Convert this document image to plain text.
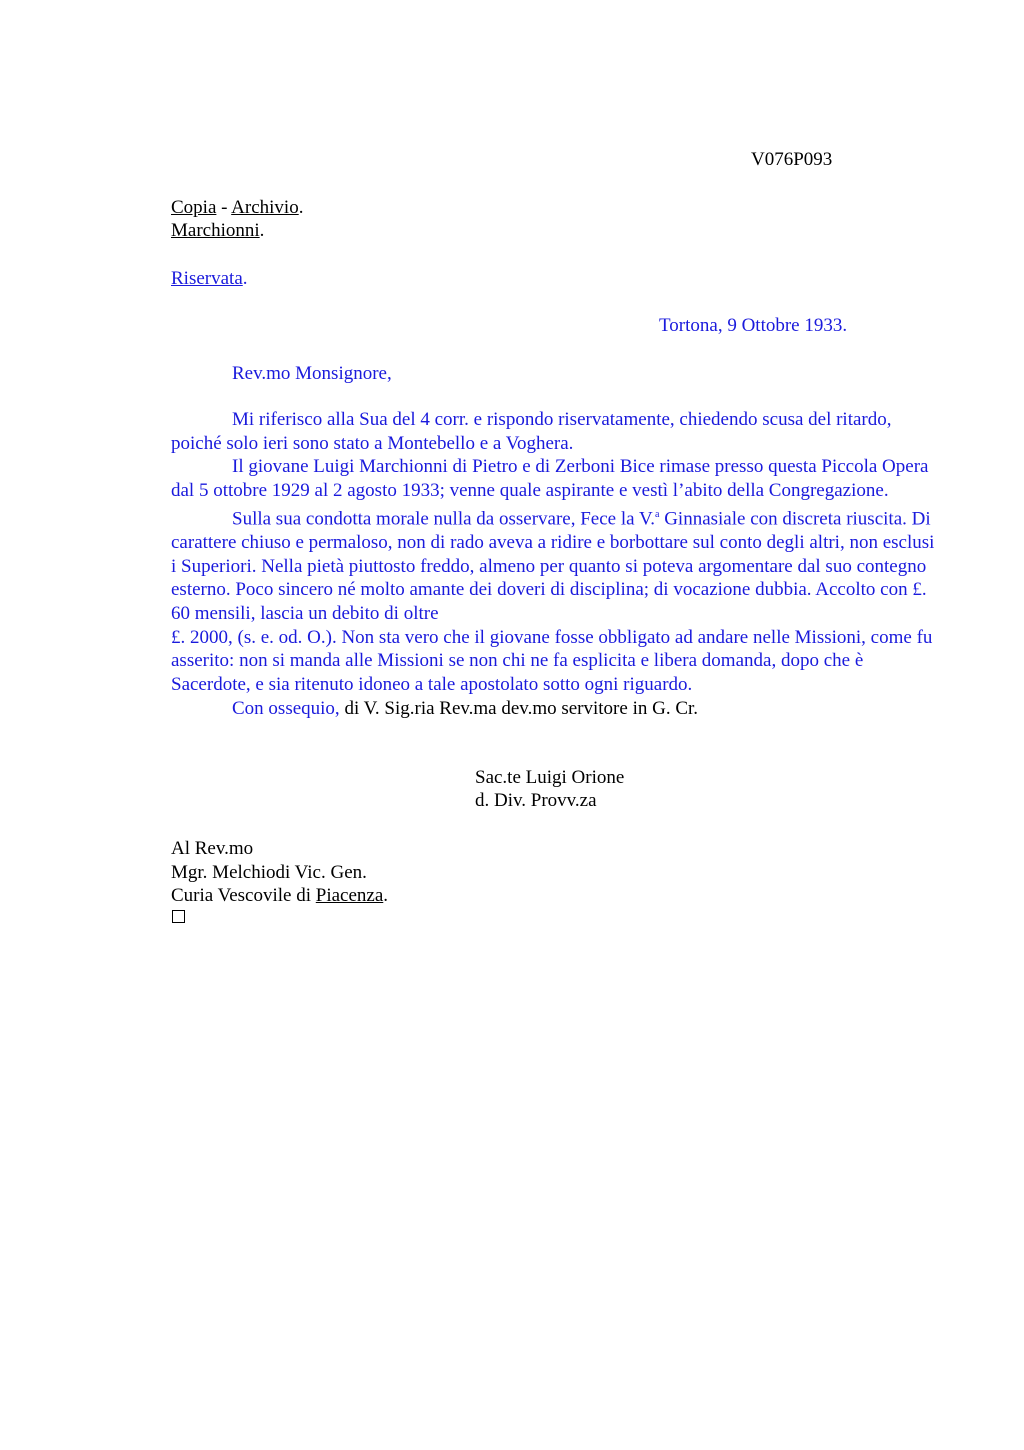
V076P093
Copia - Archivio.
Marchionni.
Riservata.
Tortona, 9 Ottobre 1933.
Rev.mo Monsignore,

Mi riferisco alla Sua del 4 corr. e rispondo riservatamente, chiedendo scusa del ritardo, poiché solo ieri sono stato a Montebello e a Voghera.

Il giovane Luigi Marchionni di Pietro e di Zerboni Bice rimase presso questa Piccola Opera dal 5 ottobre 1929 al 2 agosto 1933; venne quale aspirante e vestì l’abito della Congregazione.

Sulla sua condotta morale nulla da osservare, Fece la V.$^a$ Ginnasiale con discreta riuscita. Di carattere chiuso e permaloso, non di rado aveva a ridire e borbottare sul conto degli altri, non esclusi i Superiori. Nella pietà piuttosto freddo, almeno per quanto si poteva argomentare dal suo contegno esterno. Poco sincero né molto amante dei doveri di disciplina; di vocazione dubbia. Accolto con £. 60 mensili, lascia un debito di oltre

£. 2000, (s. e. od. O.). Non sta vero che il giovane fosse obbligato ad andare nelle Missioni, come fu asserito: non si manda alle Missioni se non chi ne fa esplicita e libera domanda, dopo che è Sacerdote, e sia ritenuto idoneo a tale apostolato sotto ogni riguardo.

Con ossequio, di V. Sig.ria Rev.ma dev.mo servitore in G. Cr.

Sac.te Luigi Orione
d. Div. Provv.za
Al Rev.mo
Mgr. Melchiodi Vic. Gen.
Curia Vescovile di Piacenza.
